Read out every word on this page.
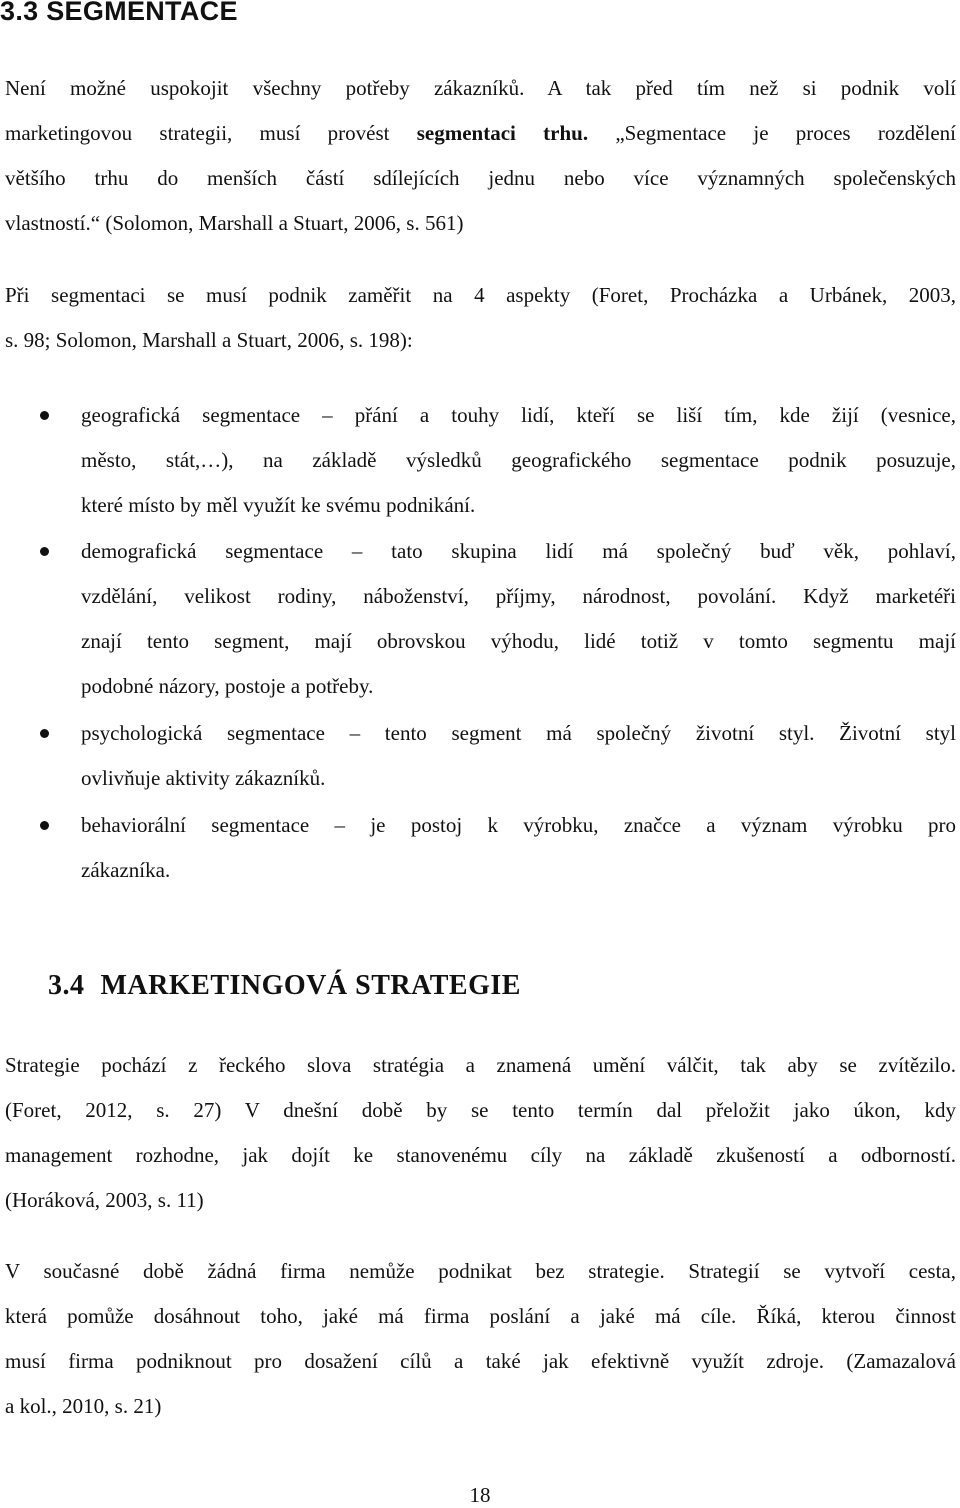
3.3 SEGMENTACE
Není možné uspokojit všechny potřeby zákazníků. A tak před tím než si podnik volí
marketingovou strategii, musí provést segmentaci trhu. „Segmentace je proces rozdělení
většího trhu do menších částí sdílejících jednu nebo více významných společenských
vlastností.“ (Solomon, Marshall a Stuart, 2006, s. 561)
Při segmentaci se musí podnik zaměřit na 4 aspekty (Foret, Procházka a Urbánek, 2003,
s. 98; Solomon, Marshall a Stuart, 2006, s. 198):
geografická segmentace – přání a touhy lidí, kteří se liší tím, kde žijí (vesnice,
město, stát,…), na základě výsledků geografického segmentace podnik posuzuje,
které místo by měl využít ke svému podnikání.
demografická segmentace – tato skupina lidí má společný buď věk, pohlaví,
vzdělání, velikost rodiny, náboženství, příjmy, národnost, povolání. Když marketéři
znají tento segment, mají obrovskou výhodu, lidé totiž v tomto segmentu mají
podobné názory, postoje a potřeby.
psychologická segmentace – tento segment má společný životní styl. Životní styl
ovlivňuje aktivity zákazníků.
behaviorální segmentace – je postoj k výrobku, značce a význam výrobku pro
zákazníka.
3.4 MARKETINGOVÁ STRATEGIE
Strategie pochází z řeckého slova stratégia a znamená umění válčit, tak aby se zvítězilo.
(Foret, 2012, s. 27) V dnešní době by se tento termín dal přeložit jako úkon, kdy
management rozhodne, jak dojít ke stanovenému cíly na základě zkušeností a odborností.
(Horáková, 2003, s. 11)
V současné době žádná firma nemůže podnikat bez strategie. Strategií se vytvoří cesta,
která pomůže dosáhnout toho, jaké má firma poslání a jaké má cíle. Říká, kterou činnost
musí firma podniknout pro dosažení cílů a také jak efektivně využít zdroje. (Zamazalová
a kol., 2010, s. 21)
18
